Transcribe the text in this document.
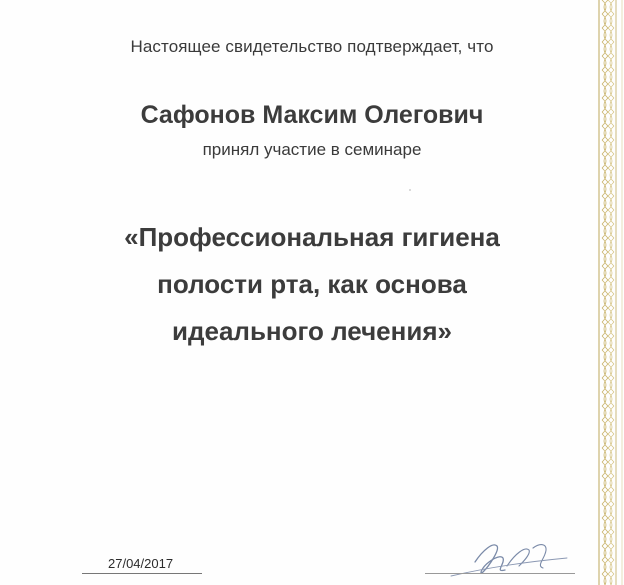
Настоящее свидетельство подтверждает, что
Сафонов Максим Олегович
принял участие в семинаре
«Профессиональная гигиена
полости рта, как основа
идеального лечения»
27/04/2017
